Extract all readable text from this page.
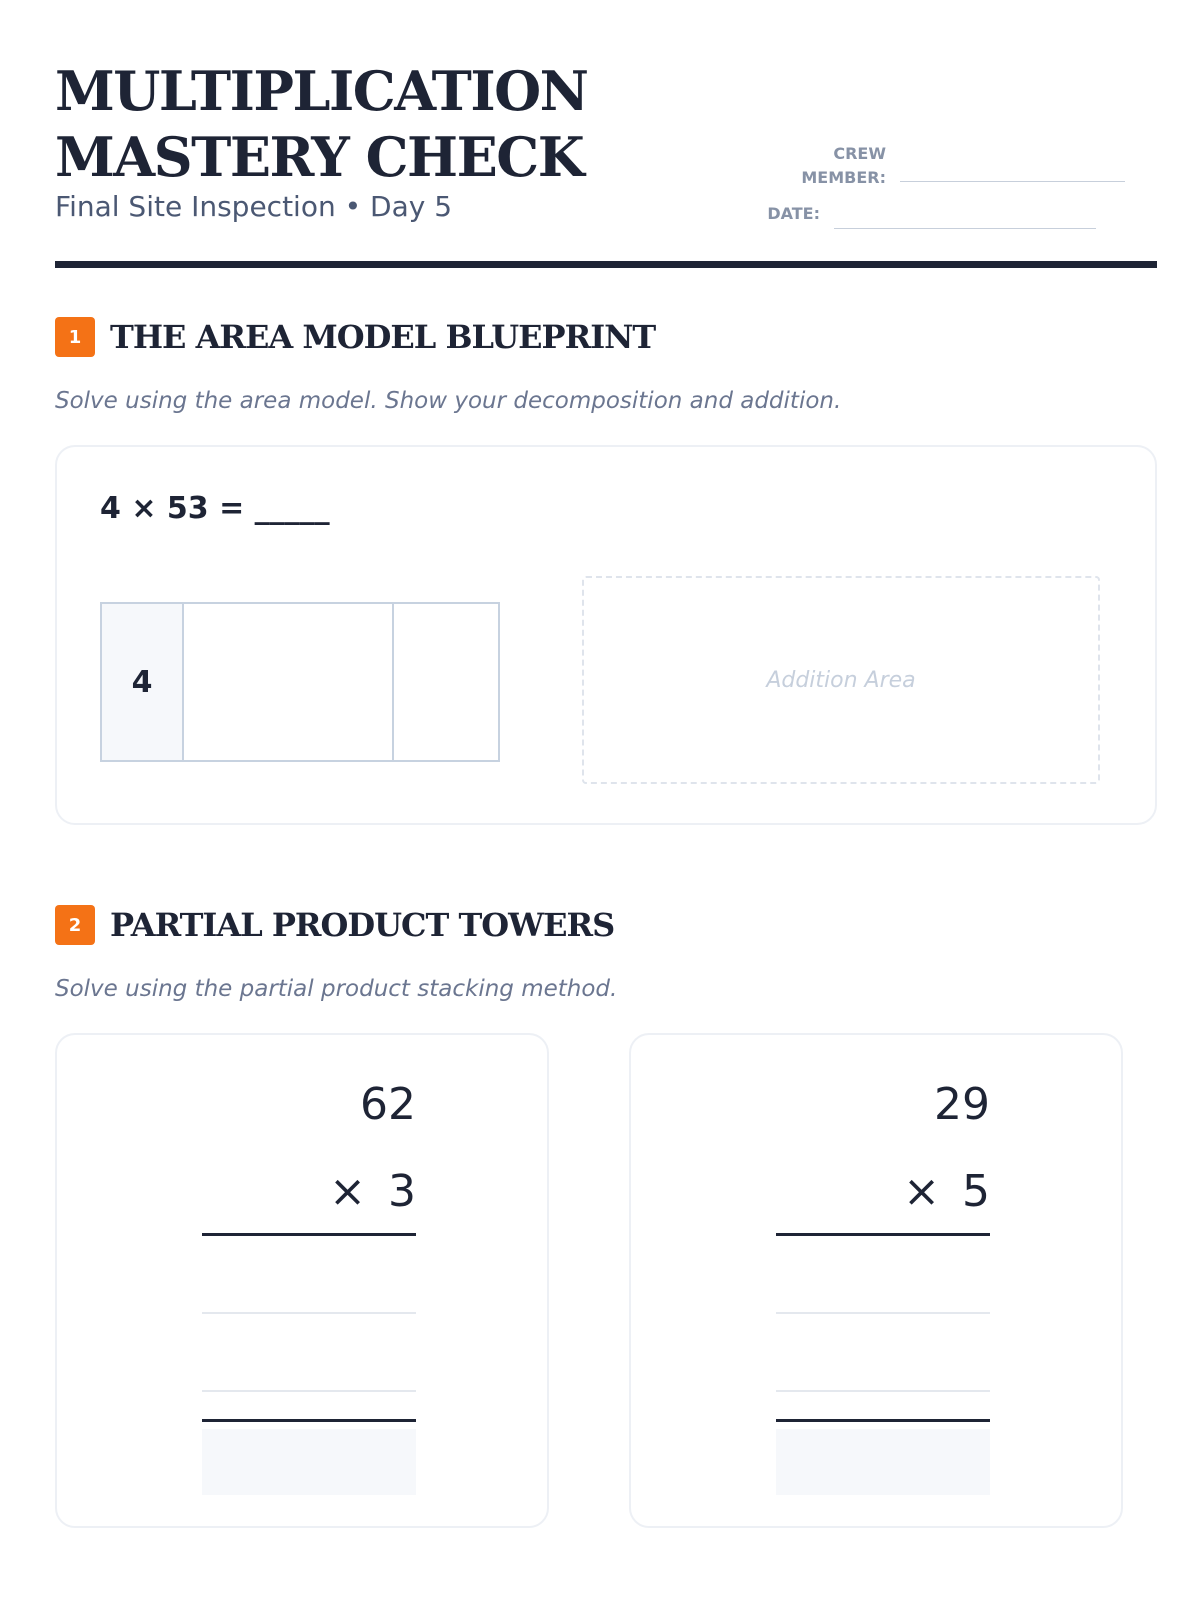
MULTIPLICATION
MASTERY CHECK
Final Site Inspection • Day 5
CREW
MEMBER:
DATE:
1 THE AREA MODEL BLUEPRINT
Solve using the area model. Show your decomposition and addition.
4 × 53 = _____
4	Addition Area
2 PARTIAL PRODUCT TOWERS
Solve using the partial product stacking method.
62
× 3
29
× 5
